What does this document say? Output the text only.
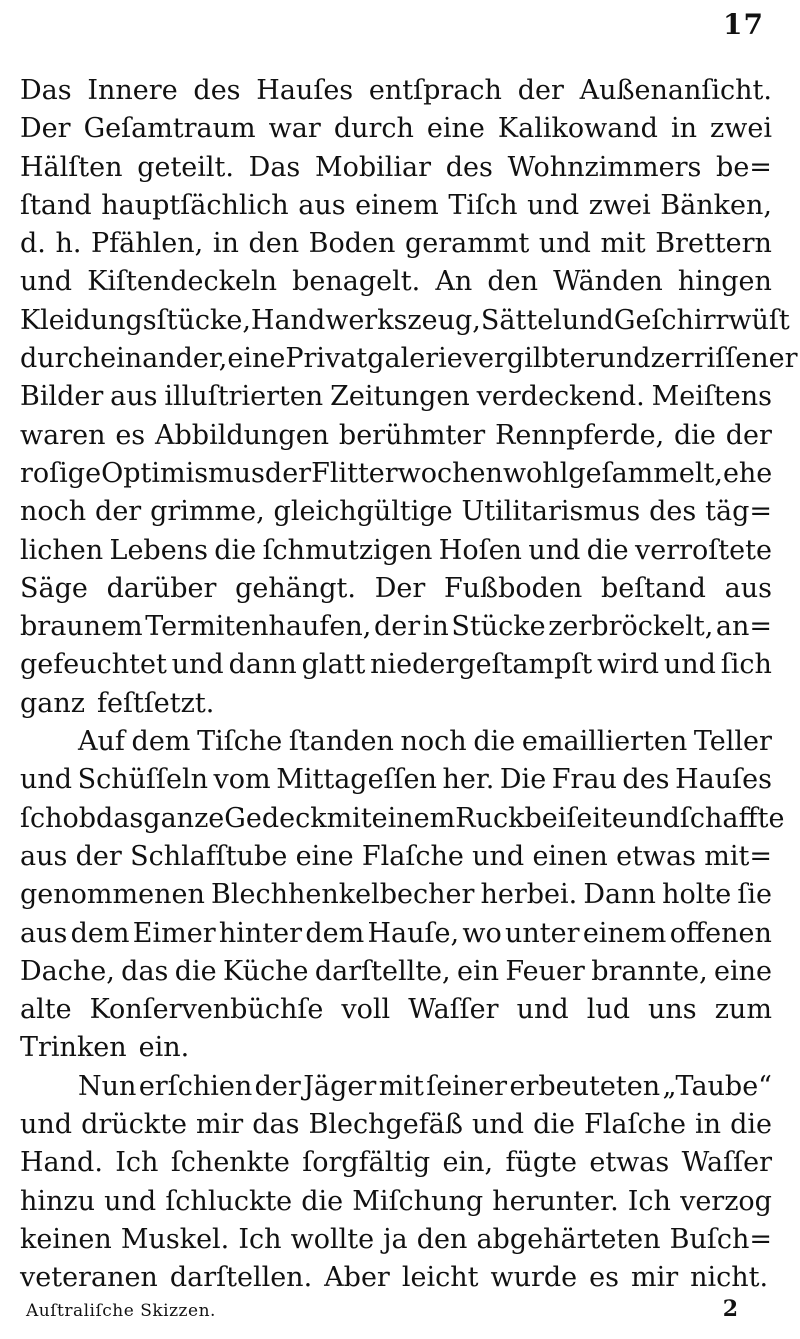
17
Das Innere des Hauſes entſprach der Außenanſicht.
Der Geſamtraum war durch eine Kalikowand in zwei
Hälſten geteilt. Das Mobiliar des Wohnzimmers be=
ſtand hauptſächlich aus einem Tiſch und zwei Bänken,
d. h. Pfählen, in den Boden gerammt und mit Brettern
und Kiſtendeckeln benagelt. An den Wänden hingen
Kleidungsſtücke, Handwerkszeug, Sättel und Geſchirr wüſt
durcheinander, eine Privatgalerie vergilbter und zerriſſener
Bilder aus illuſtrierten Zeitungen verdeckend. Meiſtens
waren es Abbildungen berühmter Rennpferde, die der
roſige Optimismus der Flitterwochen wohl geſammelt, ehe
noch der grimme, gleichgültige Utilitarismus des täg=
lichen Lebens die ſchmutzigen Hoſen und die verroſtete
Säge darüber gehängt. Der Fußboden beſtand aus
braunem Termitenhaufen, der in Stücke zerbröckelt, an=
gefeuchtet und dann glatt niedergeſtampſt wird und ſich
ganz feſtſetzt.
Auf dem Tiſche ſtanden noch die emaillierten Teller
und Schüſſeln vom Mittageſſen her. Die Frau des Hauſes
ſchob das ganze Gedeck mit einem Ruck beiſeite und ſchaffte
aus der Schlafſtube eine Flaſche und einen etwas mit=
genommenen Blechhenkelbecher herbei. Dann holte ſie
aus dem Eimer hinter dem Hauſe, wo unter einem offenen
Dache, das die Küche darſtellte, ein Feuer brannte, eine
alte Konſervenbüchſe voll Waſſer und lud uns zum
Trinken ein.
Nun erſchien der Jäger mit ſeiner erbeuteten „Taube“
und drückte mir das Blechgefäß und die Flaſche in die
Hand. Ich ſchenkte ſorgfältig ein, fügte etwas Waſſer
hinzu und ſchluckte die Miſchung herunter. Ich verzog
keinen Muskel. Ich wollte ja den abgehärteten Buſch=
veteranen darſtellen. Aber leicht wurde es mir nicht.
Auſtraliſche Skizzen.	2
